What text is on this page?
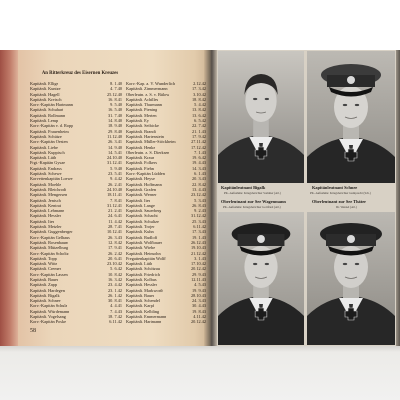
An Ritterkreuz des Eisernen Kreuzes
Kapitänlt. Ellige	8. 1.40
Kapitänlt. Kuntze	4. 7.40
Kapitänlt. Hagell	25.12.40
Kapitänlt. Kreisch	16. 8.41
Korv.-Kapitän Hartmann	9. 5.40
Kapitänlt. Schuhart	16. 5.40
Kapitänlt. Rollmann	31. 7.40
Kapitänlt. Lemp	14. 8.40
Korv.-Kapitän v. d. Ropp	18. 9.40
Kapitänlt. Frauenheim	29. 8.40
Kapitänlt. Schütze	11.12.40
Korv.-Kapitän Oesten	26. 3.41
Kapitänlt. Liebe	14. 9.40
Kapitänlt. Kuppisch	14. 5.41
Kapitänlt. Lüth	24.10.40
Frgt.-Kapitän Gysae	31.12.41
Kapitänlt. Endrass	5. 9.40
Kapitänlt. Schewe	23. 5.41
Korvettenkapitän Loewe	9. 4.42
Kapitänlt. Moehle	26. 2.41
Kapitänlt. Bleichrodt	24.10.40
Kapitänlt. Mengersen	18.11.41
Kapitänlt. Jenisch	7. 8.41
Kapitänlt. Kentrat	31.12.41
Kapitänlt. Lehmann	21. 2.41
Kapitänlt. Hessler	24. 6.41
Kapitänlt. Ites	11. 4.42
Kapitänlt. Metzler	28. 7.41
Kapitänlt. Guggenberger	10.12.41
Korv.-Kapitän Gelhaus	26. 3.43
Kapitänlt. Rosenbaum	12. 8.42
Kapitänlt. Mützelburg	17. 9.41
Korv.-Kapitän Scholtz	26. 2.42
Kapitänlt. Topp	20. 6.41
Kapitänlt. Witte	23.10.42
Kapitänlt. Cremer	5. 6.42
Korv.-Kapitän Lassen	10. 8.42
Kapitänlt. Bauer	16. 3.42
Kapitänlt. Zapp	23. 4.42
Kapitänlt. Hardegen	23. 1.42
Kapitänlt. Bigalk	26. 1.42
Kapitänlt. Schnee	30. 8.41
Korv.-Kapitän Schulz	4. 4.41
Kapitänlt. Würdemann	7. 4.43
Kapitänlt. Vogelsang	18. 7.42
Korv.-Kapitän Poske	6.11.42
Korv.-Kap. a. V. Wunderlich	2.12.42
Kapitänlt. Zimmermann	17. 3.42
Oberleutn. z. S. v. Bülow	3.10.42
Kapitänlt. Achilles	18. 8.42
Kapitänlt. Thurmann	5. 4.42
Kapitänlt. Piening	13. 8.42
Kapitänlt. Merten	13. 6.42
Kapitänlt. Ey	6. 5.42
Kapitänlt. Seibicke	22. 7.42
Kapitänlt. Brandi	21. 1.43
Kapitänlt. Hartenstein	17. 9.42
Kapitänlt. Müller-Stöckheim	27.11.42
Kapitänlt. Henke	17.12.42
Oberleutn. z. S. Dierksen	7. 1.43
Kapitänlt. Kraus	19. 6.42
Kapitänlt. Folkers	19. 4.43
Kapitänlt. Fiehn	14. 3.43
Korv.-Kapitän Lüdden	6. 1.43
Kapitänlt. Heyse	20. 3.43
Kapitänlt. Hoffmann	22. 8.42
Kapitänlt. Grafen	13. 4.43
Kapitänlt. Werner	23.12.42
Kapitänlt. Ites	5. 3.43
Kapitänlt. Lange	26. 8.43
Kapitänlt. Sauerberg	9. 2.43
Kapitänlt. Schacht	31.12.42
Kapitänlt. Schultze	25. 3.43
Kapitänlt. Trojer	6.11.42
Kapitänlt. Kuhn	17. 3.43
Kapitänlt. Rudloff	19. 1.43
Kapitänlt. Wolfbauer	26.12.43
Kapitänlt. Wiebe	19.10.43
Kapitänlt. Heinsohn	21.12.42
Fregattenkapitän Wolff	3. 1.43
Kapitänlt. Lüth	17.10.42
Kapitänlt. Schötzau	20.12.42
Kapitänlt. Friedrich	29. 9.43
Kapitänlt. Kolbus	12.11.43
Kapitänlt. Hessler	4. 5.43
Kapitänlt. Markworth	19. 9.43
Kapitänlt. Bauer	28.10.43
Kapitänlt. Schendel	24. 3.43
Kapitänlt. Karpf	30. 4.43
Kapitänlt. Kelbling	19. 8.43
Kapitänlt. Emmermann	4.11.42
Kapitänlt. Hartmann	20.12.42
58
Kapitänleutnant Bigalk
PK.-Aufnahme: Kriegsberichter Sommer (Atl.)
Kapitänleutnant Schnee
PK.-Aufnahme: Kriegsberichter Gumprecht (Sch.)
Oberleutnant zur See Wagenmann
PK.-Aufnahme: Kriegsberichter Gottfried (Atl.)
Oberleutnant zur See Thäter
Dr. Wenzel (Atl.)
